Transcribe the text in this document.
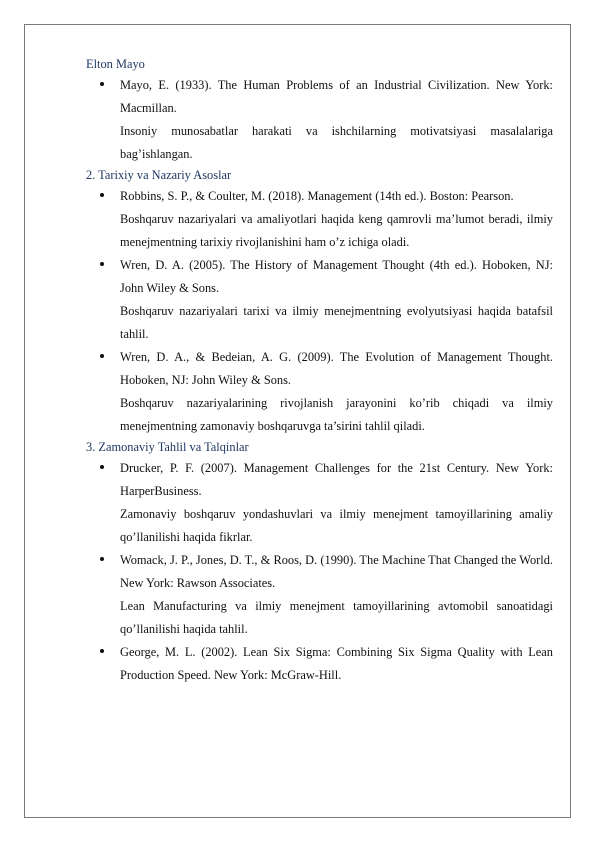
Elton Mayo
Mayo, E. (1933). The Human Problems of an Industrial Civilization. New York: Macmillan.
Insoniy munosabatlar harakati va ishchilarning motivatsiyasi masalalariga bag’ishlangan.
2. Tarixiy va Nazariy Asoslar
Robbins, S. P., & Coulter, M. (2018). Management (14th ed.). Boston: Pearson.
Boshqaruv nazariyalari va amaliyotlari haqida keng qamrovli ma’lumot beradi, ilmiy menejmentning tarixiy rivojlanishini ham o’z ichiga oladi.
Wren, D. A. (2005). The History of Management Thought (4th ed.). Hoboken, NJ: John Wiley & Sons.
Boshqaruv nazariyalari tarixi va ilmiy menejmentning evolyutsiyasi haqida batafsil tahlil.
Wren, D. A., & Bedeian, A. G. (2009). The Evolution of Management Thought. Hoboken, NJ: John Wiley & Sons.
Boshqaruv nazariyalarining rivojlanish jarayonini ko’rib chiqadi va ilmiy menejmentning zamonaviy boshqaruvga ta’sirini tahlil qiladi.
3. Zamonaviy Tahlil va Talqinlar
Drucker, P. F. (2007). Management Challenges for the 21st Century. New York: HarperBusiness.
Zamonaviy boshqaruv yondashuvlari va ilmiy menejment tamoyillarining amaliy qo’llanilishi haqida fikrlar.
Womack, J. P., Jones, D. T., & Roos, D. (1990). The Machine That Changed the World. New York: Rawson Associates.
Lean Manufacturing va ilmiy menejment tamoyillarining avtomobil sanoatidagi qo’llanilishi haqida tahlil.
George, M. L. (2002). Lean Six Sigma: Combining Six Sigma Quality with Lean Production Speed. New York: McGraw-Hill.
